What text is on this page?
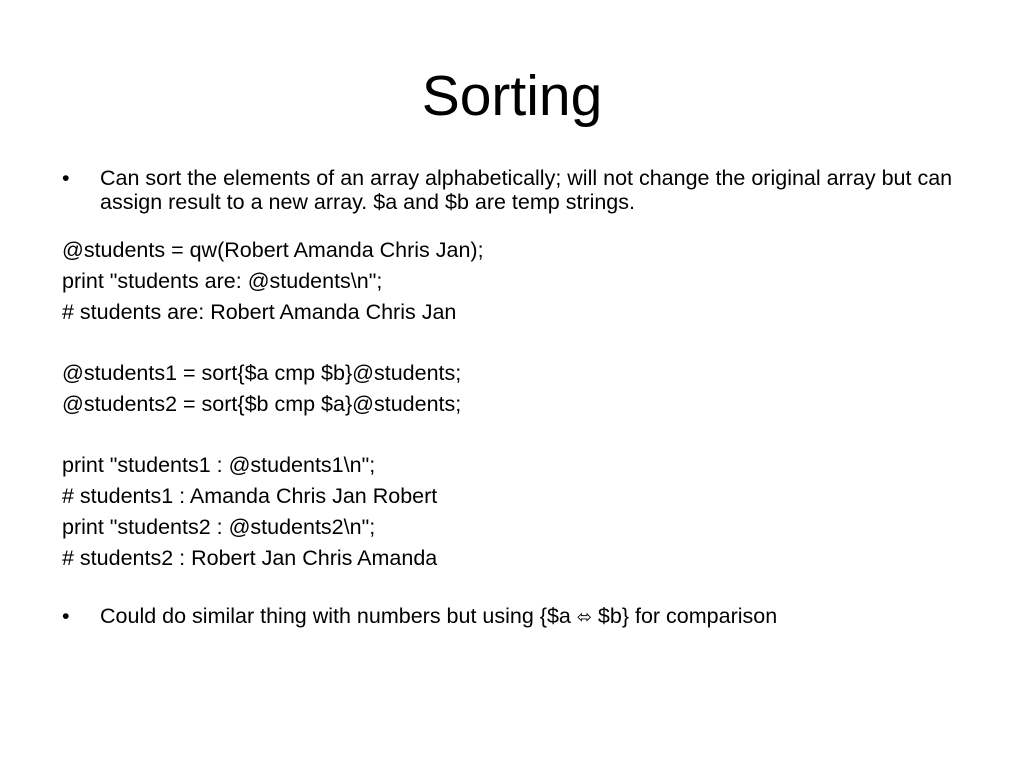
Sorting
• Can sort the elements of an array alphabetically; will not change the original array but can assign result to a new array. $a and $b are temp strings.
@students = qw(Robert Amanda Chris Jan);
print "students are: @students\n";
# students are: Robert Amanda Chris Jan
@students1 = sort{$a cmp $b}@students;
@students2 = sort{$b cmp $a}@students;
print "students1 : @students1\n";
# students1 : Amanda Chris Jan Robert
print "students2 : @students2\n";
# students2 : Robert Jan Chris Amanda
• Could do similar thing with numbers but using {$a ⬄ $b} for comparison
